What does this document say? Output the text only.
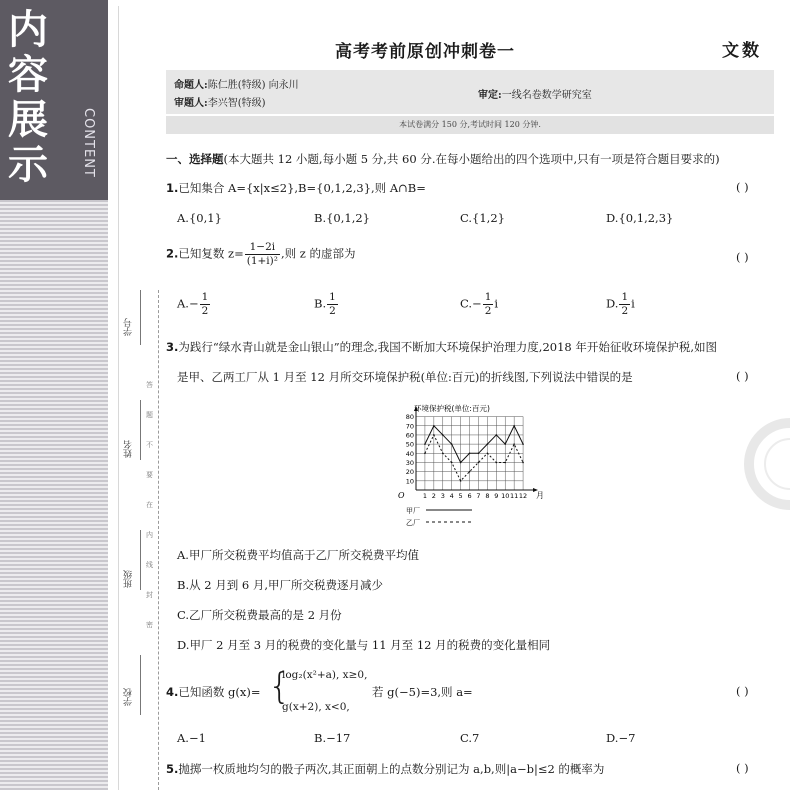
内
容
展
示	CONTENT
学号
姓名
班级
学校
答
题
不
要
在
内
线
封
密
高考考前原创冲刺卷一	文数
命题人:陈仁胜(特级) 向永川
审题人:李兴智(特级)
审定:一线名卷数学研究室
本试卷满分 150 分,考试时间 120 分钟.
一、选择题(本大题共 12 小题,每小题 5 分,共 60 分.在每小题给出的四个选项中,只有一项是符合题目要求的)
1.已知集合 A={x|x≤2},B={0,1,2,3},则 A∩B=	( )
A.{0,1}	B.{0,1,2}	C.{1,2}	D.{0,1,2,3}
2.已知复数 $z= \frac{1-2i}{\text{(1+i)²}}$ ,则 z 的虚部为	( )
$A.- \frac{1}{2}$	B. $\frac{1}{2}$	$C.- \frac{1}{2}$ i	D. $\frac{1}{2}$ i
3.为践行“绿水青山就是金山银山”的理念,我国不断加大环境保护治理力度,2018 年开始征收环境保护税,如图
是甲、乙两工厂从 1 月至 12 月所交环境保护税(单位:百元)的折线图,下列说法中错误的是	( )
10
20
30
40
50
60
70
80
1 2 3 4 5 6 7 8 9 10 11 12
环境保护税(单位:百元)
O	月
甲厂
乙厂
A.甲厂所交税费平均值高于乙厂所交税费平均值
B.从 2 月到 6 月,甲厂所交税费逐月减少
C.乙厂所交税费最高的是 2 月份
D.甲厂 2 月至 3 月的税费的变化量与 11 月至 12 月的税费的变化量相同
4.已知函数 g(x)= {
log₂(x²+a), x≥0,
g(x+2), x<0,
若 g(−5)=3,则 a=	( )
A.−1	B.−17	C.7	D.−7
5.抛掷一枚质地均匀的骰子两次,其正面朝上的点数分别记为 a,b,则|a−b|≤2 的概率为	( )
